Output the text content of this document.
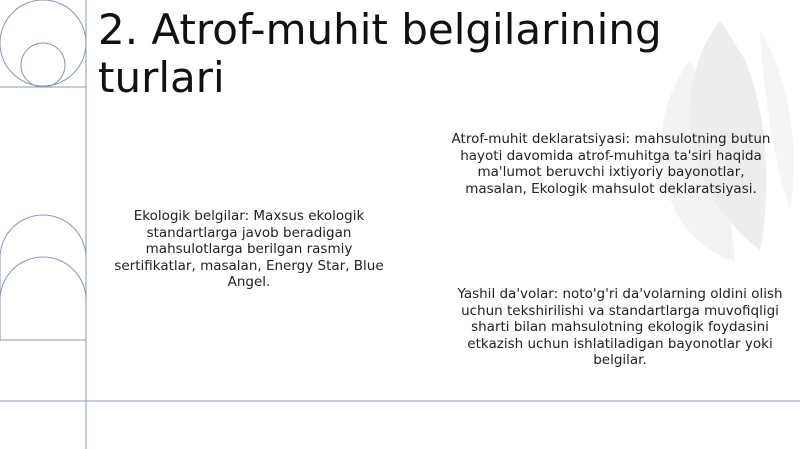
2. Atrof-muhit belgilarining turlari

Ekologik belgilar: Maxsus ekologik standartlarga javob beradigan mahsulotlarga berilgan rasmiy sertifikatlar, masalan, Energy Star, Blue Angel.

Atrof-muhit deklaratsiyasi: mahsulotning butun hayoti davomida atrof-muhitga ta'siri haqida ma'lumot beruvchi ixtiyoriy bayonotlar, masalan, Ekologik mahsulot deklaratsiyasi.

Yashil da'volar: noto'g'ri da'volarning oldini olish uchun tekshirilishi va standartlarga muvofiqligi sharti bilan mahsulotning ekologik foydasini etkazish uchun ishlatiladigan bayonotlar yoki belgilar.
